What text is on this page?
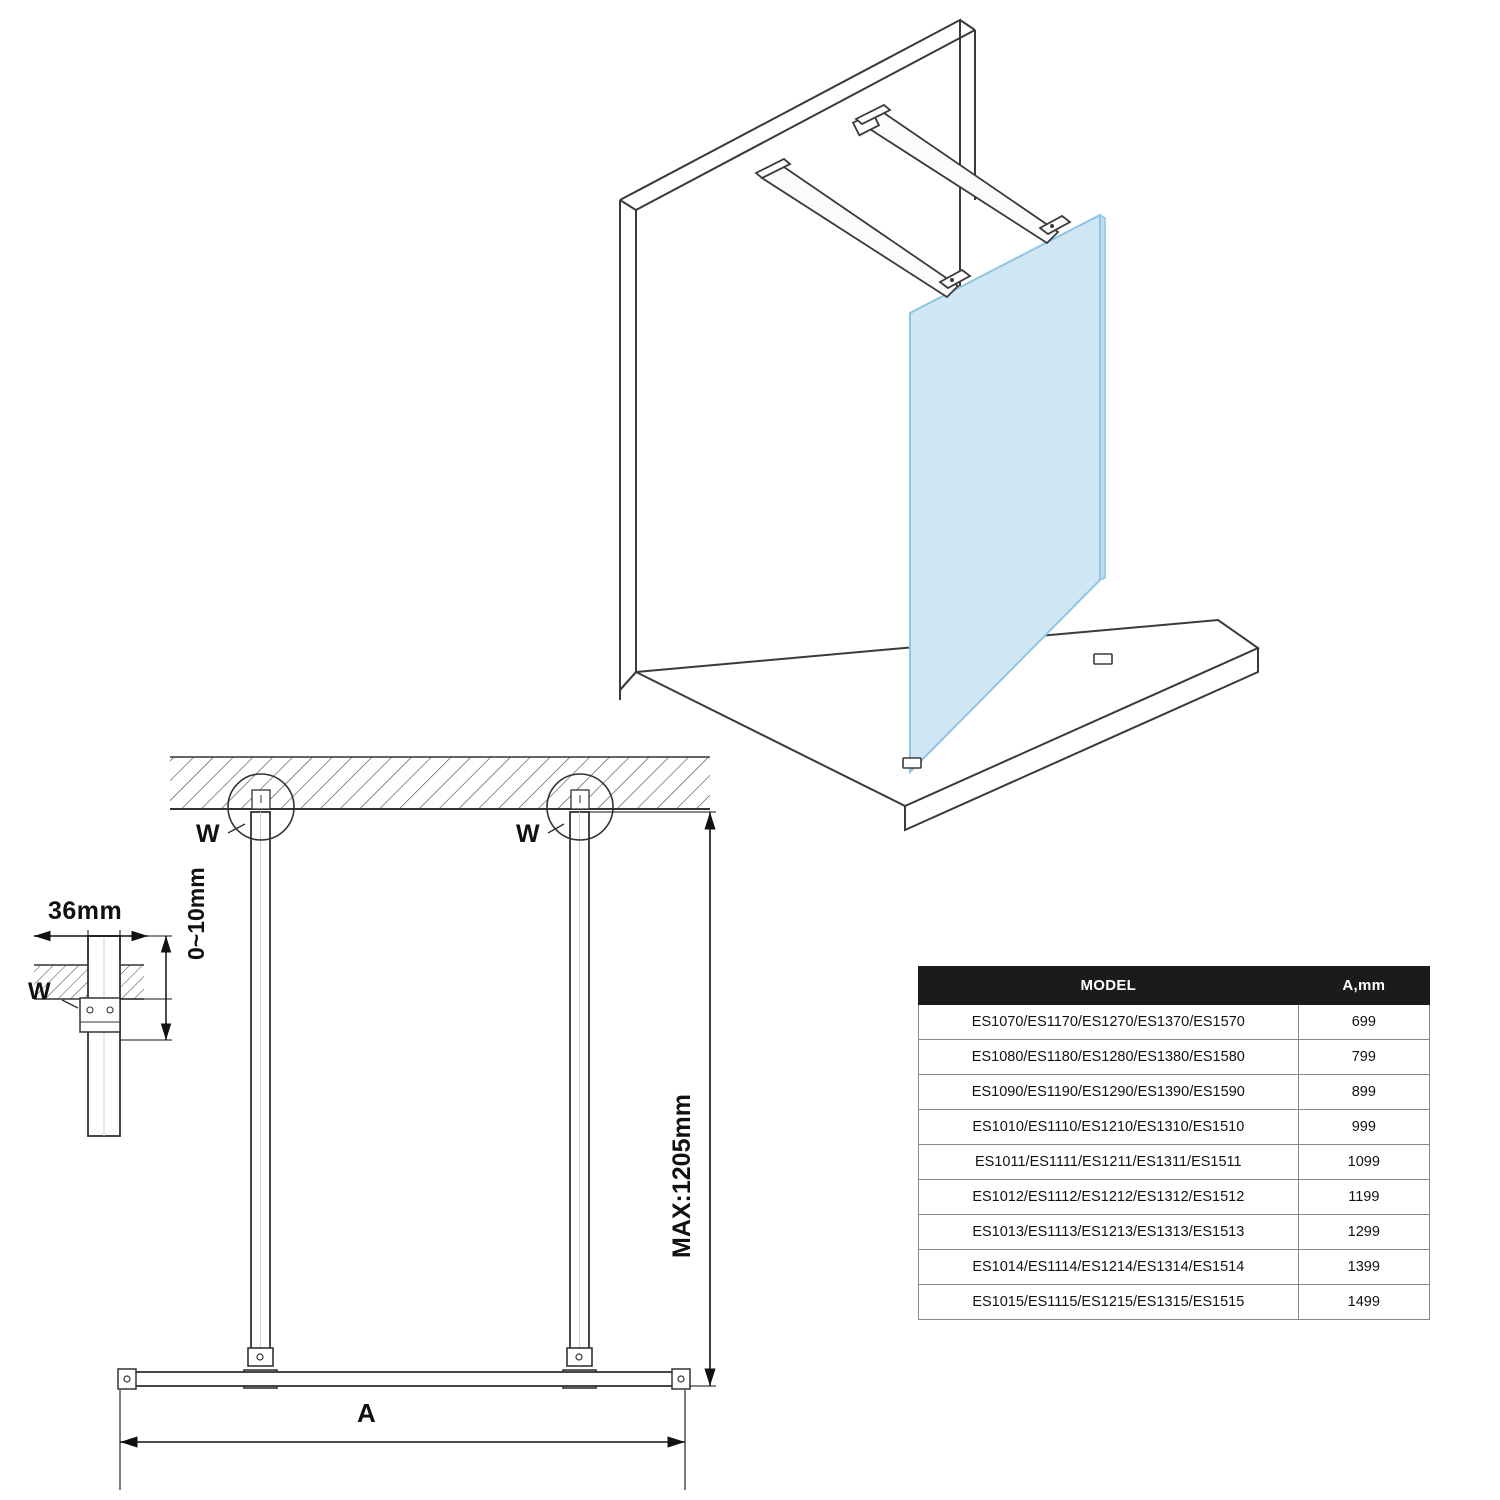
36mm	0~10mm
W
W	W
MAX:1205mm
A
MODEL	A,mm
ES1070/ES1170/ES1270/ES1370/ES1570	699
ES1080/ES1180/ES1280/ES1380/ES1580	799
ES1090/ES1190/ES1290/ES1390/ES1590	899
ES1010/ES1110/ES1210/ES1310/ES1510	999
ES1011/ES1111/ES1211/ES1311/ES1511	1099
ES1012/ES1112/ES1212/ES1312/ES1512	1199
ES1013/ES1113/ES1213/ES1313/ES1513	1299
ES1014/ES1114/ES1214/ES1314/ES1514	1399
ES1015/ES1115/ES1215/ES1315/ES1515	1499
